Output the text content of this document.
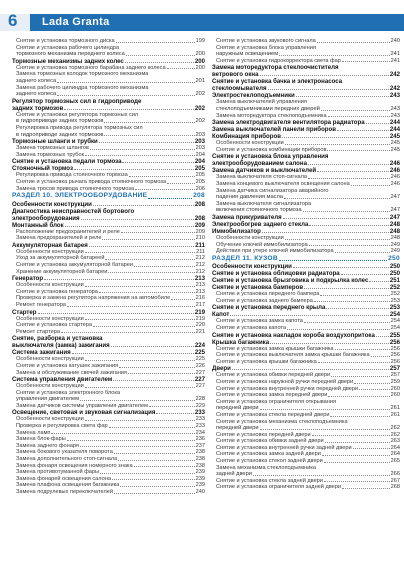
6 Lada Granta
Снятие и установка тормозного диска	199
Снятие и установка рабочего цилиндра
тормозного механизма переднего колеса	200
Тормозные механизмы задних колес	200
Снятие и установка тормозного барабана заднего колеса	200
Замена тормозных колодок тормозного механизма
заднего колеса	201
Замена рабочего цилиндра тормозного механизма
заднего колеса	202
Регулятор тормозных сил в гидроприводе
задних тормозов	202
Снятие и установка регулятора тормозных сил
в гидроприводе задних тормозов	202
Регулировка привода регулятора тормозных сил
в гидроприводе задних тормозов	203
Тормозные шланги и трубки	203
Замена тормозных шлангов	203
Замена тормозных трубок	204
Снятие и установка педали тормоза	204
Стояночный тормоз	205
Регулировка привода стояночного тормоза	205
Снятие и установка рычага привода стояночного тормоза	205
Замена тросов привода стояночного тормоза	206
РАЗДЕЛ 10. ЭЛЕКТРООБОРУДОВАНИЕ	208
Особенности конструкции	208
Диагностика неисправностей бортового
электрооборудования	208
Монтажный блок	209
Расположение предохранителей и реле	209
Замена предохранителей и реле	210
Аккумуляторная батарея	211
Особенности конструкции	211
Уход за аккумуляторной батареей	212
Снятие и установка аккумуляторной батареи	212
Хранение аккумуляторной батареи	212
Генератор	213
Особенности конструкции	213
Снятие и установка генератора	213
Проверка и замена регулятора напряжения на автомобиле	216
Ремонт генератора	217
Стартер	219
Особенности конструкции	219
Снятие и установка стартера	220
Ремонт стартера	221
Снятие, разборка и установка
выключателя (замка) зажигания	224
Система зажигания	225
Особенности конструкции	225
Снятие и установка катушек зажигания	226
Замена и обслуживание свечей зажигания	227
Система управления двигателем	227
Особенности конструкции	227
Снятие и установка электронного блока
управления двигателем	228
Замена датчиков системы управления двигателем	229
Освещение, световая и звуковая сигнализация	233
Особенности конструкции	233
Проверка и регулировка света фар	233
Замена ламп	234
Замена блок-фары	236
Замена заднего фонаря	237
Замена бокового указателя поворота	238
Замена дополнительного стоп-сигнала	238
Замена фонаря освещения номерного знака	238
Замена противотуманной фары	239
Замена фонарей освещения салона	239
Замена плафона освещения багажника	239
Замена подрулевых переключателей	240
Снятие и установка звукового сигнала	240
Снятие и установка блока управления
наружным освещением	241
Снятие и установка гидрокорректора света фар	241
Замена моторедуктора стеклоочистителя
ветрового окна	242
Снятие и установка бачка и электронасоса
стеклоомывателя	242
Электростеклоподъемники	243
Замена выключателей управления
стеклоподъемниками передних дверей	243
Замена моторедуктора стеклоподъемника	243
Замена электродвигателя вентилятора радиатора	244
Замена выключателей панели приборов	244
Комбинация приборов	245
Особенности конструкции	245
Снятие и установка комбинации приборов	245
Снятие и установка блока управления
электрооборудованием салона	246
Замена датчиков и выключателей	246
Замена выключателя стоп-сигнала	246
Замена концевого выключателя освещения салона	246
Замена датчика сигнализатора аварийного
падения давления масла	247
Замена выключателя сигнализатора
включения стояночного тормоза	247
Замена прикуривателя	247
Электрообогрев заднего стекла	248
Иммобилизатор	248
Особенности конструкции	248
Обучение ключей иммобилизатора	249
Действия при утере ключей иммобилизатора	249
РАЗДЕЛ 11. КУЗОВ	250
Особенности конструкции	250
Снятие и установка облицовки радиатора	250
Снятие и установка брызговика и подкрылка колес	251
Снятие и установка бамперов	252
Снятие и установка переднего бампера	252
Снятие и установка заднего бампера	253
Снятие и установка переднего крыла	253
Капот	254
Снятие и установка замка капота	254
Снятие и установка капота	254
Снятие и установка накладок короба воздухопритока 255
Крышка багажника	256
Снятие и установка замка крышки багажника	256
Снятие и установка выключателя замка крышки багажника	256
Снятие и установка крышки багажника	256
Двери	257
Снятие и установка обивки передней двери	257
Снятие и установка наружной ручки передней двери	259
Снятие и установка внутренней ручки передней двери	260
Снятие и установка замка передней двери	260
Снятие и установка ограничителя открывания
передней двери	261
Снятие и установка стекла передней двери	261
Снятие и установка механизма стеклоподъемника
передней двери	262
Снятие и установка передней двери	262
Снятие и установка обивки задней двери	263
Снятие и установка внутренней ручки задней двери	264
Снятие и установка замка задней двери	264
Снятие и установка стекол задней двери	265
Замена механизма стеклоподъемника
задней двери	266
Снятие и установка стекла задней двери	267
Снятие и установка ограничителя задней двери	268
